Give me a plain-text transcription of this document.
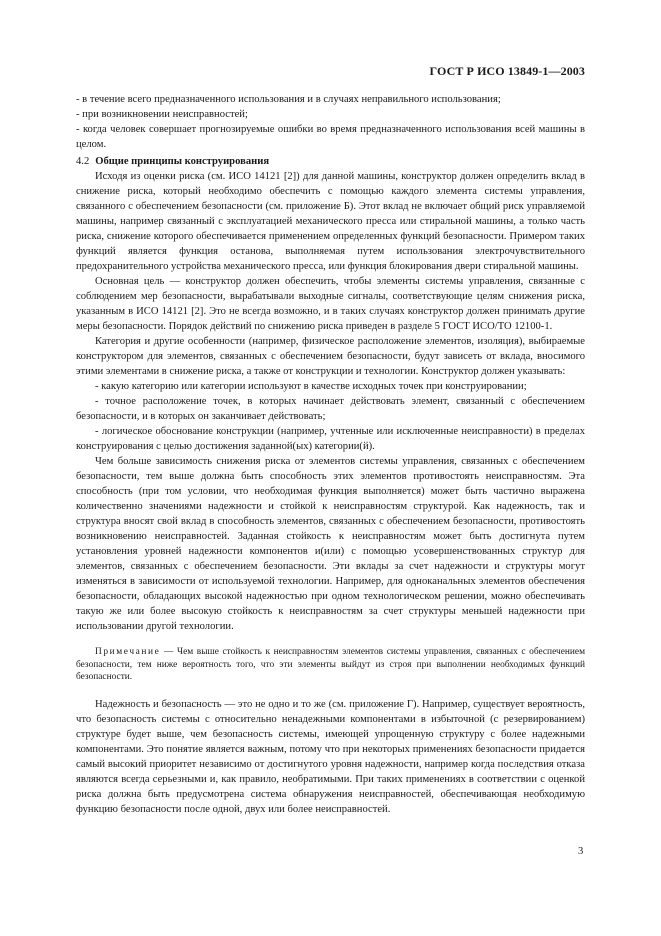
ГОСТ Р ИСО 13849-1—2003

- в течение всего предназначенного использования и в случаях неправильного использования;

- при возникновении неисправностей;

- когда человек совершает прогнозируемые ошибки во время предназначенного использования всей машины в целом.

4.2 Общие принципы конструирования

Исходя из оценки риска (см. ИСО 14121 [2]) для данной машины, конструктор должен определить вклад в снижение риска, который необходимо обеспечить с помощью каждого элемента системы управления, связанного с обеспечением безопасности (см. приложение Б). Этот вклад не включает общий риск управляемой машины, например связанный с эксплуатацией механического пресса или стиральной машины, а только часть риска, снижение которого обеспечивается применением определенных функций безопасности. Примером таких функций является функция останова, выполняемая путем использования электрочувствительного предохранительного устройства механического пресса, или функция блокирования двери стиральной машины.

Основная цель — конструктор должен обеспечить, чтобы элементы системы управления, связанные с соблюдением мер безопасности, вырабатывали выходные сигналы, соответствующие целям снижения риска, указанным в ИСО 14121 [2]. Это не всегда возможно, и в таких случаях конструктор должен принимать другие меры безопасности. Порядок действий по снижению риска приведен в разделе 5 ГОСТ ИСО/ТО 12100-1.

Категория и другие особенности (например, физическое расположение элементов, изоляция), выбираемые конструктором для элементов, связанных с обеспечением безопасности, будут зависеть от вклада, вносимого этими элементами в снижение риска, а также от конструкции и технологии. Конструктор должен указывать:

- какую категорию или категории используют в качестве исходных точек при конструировании;

- точное расположение точек, в которых начинает действовать элемент, связанный с обеспечением безопасности, и в которых он заканчивает действовать;

- логическое обоснование конструкции (например, учтенные или исключенные неисправности) в пределах конструирования с целью достижения заданной(ых) категории(й).

Чем больше зависимость снижения риска от элементов системы управления, связанных с обеспечением безопасности, тем выше должна быть способность этих элементов противостоять неисправностям. Эта способность (при том условии, что необходимая функция выполняется) может быть частично выражена количественно значениями надежности и стойкой к неисправностям структурой. Как надежность, так и структура вносят свой вклад в способность элементов, связанных с обеспечением безопасности, противостоять возникновению неисправностей. Заданная стойкость к неисправностям может быть достигнута путем установления уровней надежности компонентов и(или) с помощью усовершенствованных структур для элементов, связанных с обеспечением безопасности. Эти вклады за счет надежности и структуры могут изменяться в зависимости от используемой технологии. Например, для одноканальных элементов обеспечения безопасности, обладающих высокой надежностью при одном технологическом решении, можно обеспечивать такую же или более высокую стойкость к неисправностям за счет структуры меньшей надежности при использовании другой технологии.

Примечание — Чем выше стойкость к неисправностям элементов системы управления, связанных с обеспечением безопасности, тем ниже вероятность того, что эти элементы выйдут из строя при выполнении необходимых функций безопасности.

Надежность и безопасность — это не одно и то же (см. приложение Г). Например, существует вероятность, что безопасность системы с относительно ненадежными компонентами в избыточной (с резервированием) структуре будет выше, чем безопасность системы, имеющей упрощенную структуру с более надежными компонентами. Это понятие является важным, потому что при некоторых применениях безопасности придается самый высокий приоритет независимо от достигнутого уровня надежности, например когда последствия отказа являются всегда серьезными и, как правило, необратимыми. При таких применениях в соответствии с оценкой риска должна быть предусмотрена система обнаружения неисправностей, обеспечивающая необходимую функцию безопасности после одной, двух или более неисправностей.

3
